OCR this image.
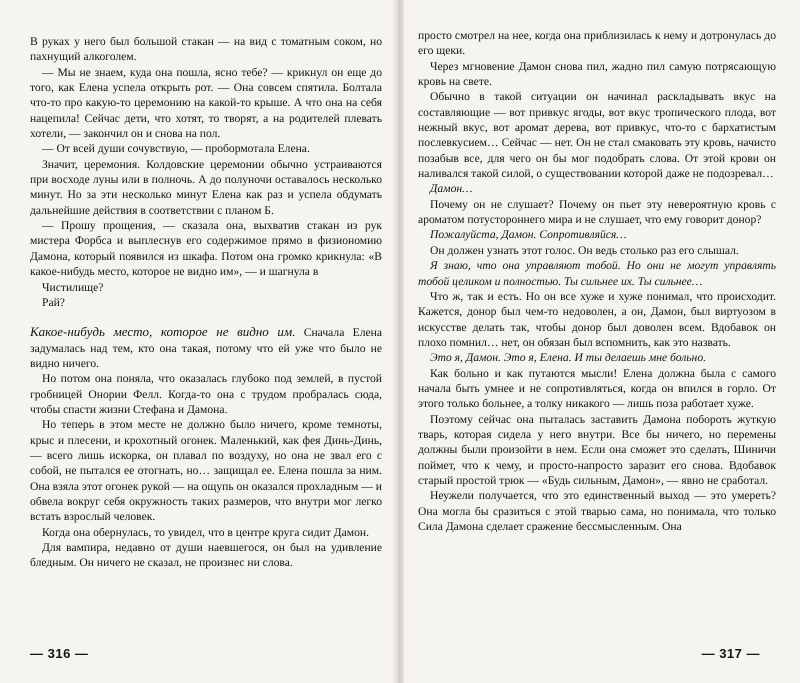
В руках у него был большой стакан — на вид с томатным соком, но пахнущий алкоголем.

— Мы не знаем, куда она пошла, ясно тебе? — крикнул он еще до того, как Елена успела открыть рот. — Она совсем спятила. Болтала что-то про какую-то церемонию на какой-то крыше. А что она на себя нацепила! Сейчас дети, что хотят, то творят, а на родителей плевать хотели, — закончил он и снова на пол.

— От всей души сочувствую, — пробормотала Елена.

Значит, церемония. Колдовские церемонии обычно устраиваются при восходе луны или в полночь. А до полуночи оставалось несколько минут. Но за эти несколько минут Елена как раз и успела обдумать дальнейшие действия в соответствии с планом Б.

— Прошу прощения, — сказала она, выхватив стакан из рук мистера Форбса и выплеснув его содержимое прямо в физиономию Дамона, который появился из шкафа. Потом она громко крикнула: «В какое-нибудь место, которое не видно им», — и шагнула в

Чистилище?

Рай?

Какое-нибудь место, которое не видно им. Сначала Елена задумалась над тем, кто она такая, потому что ей уже что было не видно ничего.

Но потом она поняла, что оказалась глубоко под землей, в пустой гробницей Онории Фелл. Когда-то она с трудом пробралась сюда, чтобы спасти жизни Стефана и Дамона.

Но теперь в этом месте не должно было ничего, кроме темноты, крыс и плесени, и крохотный огонек. Маленький, как фея Динь-Динь, — всего лишь искорка, он плавал по воздуху, но она не звал его с собой, не пытался ее отогнать, но… защищал ее. Елена пошла за ним. Она взяла этот огонек рукой — на ощупь он оказался прохладным — и обвела вокруг себя окружность таких размеров, что внутри мог легко встать взрослый человек.

Когда она обернулась, то увидел, что в центре круга сидит Дамон.

Для вампира, недавно от души наевшегося, он был на удивление бледным. Он ничего не сказал, не произнес ни слова.

— 316 —

просто смотрел на нее, когда она приблизилась к нему и дотронулась до его щеки.

Через мгновение Дамон снова пил, жадно пил самую потрясающую кровь на свете.

Обычно в такой ситуации он начинал раскладывать вкус на составляющие — вот привкус ягоды, вот вкус тропического плода, вот нежный вкус, вот аромат дерева, вот привкус, что-то с бархатистым послевкусием… Сейчас — нет. Он не стал смаковать эту кровь, начисто позабыв все, для чего он бы мог подобрать слова. От этой крови он наливался такой силой, о существовании которой даже не подозревал…

Дамон…

Почему он не слушает? Почему он пьет эту невероятную кровь с ароматом потустороннего мира и не слушает, что ему говорит донор?

Пожалуйста, Дамон. Сопротивляйся…

Он должен узнать этот голос. Он ведь столько раз его слышал.

Я знаю, что она управляют тобой. Но они не могут управлять тобой целиком и полностью. Ты сильнее их. Ты сильнее…

Что ж, так и есть. Но он все хуже и хуже понимал, что происходит. Кажется, донор был чем-то недоволен, а он, Дамон, был виртуозом в искусстве делать так, чтобы донор был доволен всем. Вдобавок он плохо помнил… нет, он обязан был вспомнить, как это назвать.

Это я, Дамон. Это я, Елена. И ты делаешь мне больно.

Как больно и как путаются мысли! Елена должна была с самого начала быть умнее и не сопротивляться, когда он впился в горло. От этого только больнее, а толку никакого — лишь поза работает хуже.

Поэтому сейчас она пыталась заставить Дамона побороть жуткую тварь, которая сидела у него внутри. Все бы ничего, но перемены должны были произойти в нем. Если она сможет это сделать, Шиничи поймет, что к чему, и просто-напросто заразит его снова. Вдобавок старый простой трюк — «Будь сильным, Дамон», — явно не сработал.

Неужели получается, что это единственный выход — это умереть? Она могла бы сразиться с этой тварью сама, но понимала, что только Сила Дамона сделает сражение бессмысленным. Она

— 317 —
